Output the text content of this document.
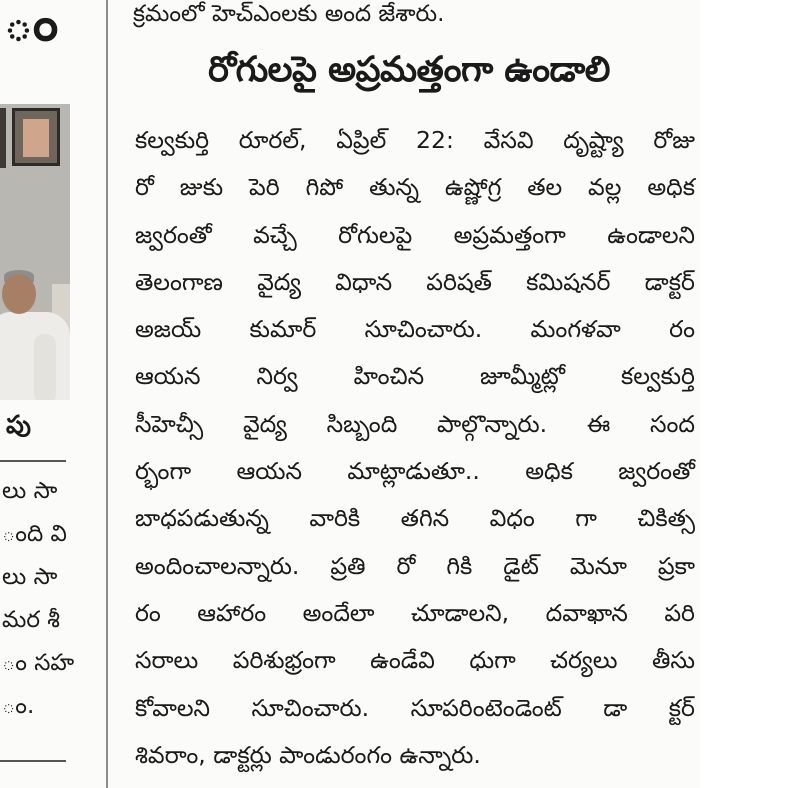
ం
పు
లు సా
ంది వి
లు సా
మర శీ
ం సహ
ం.
క్రమంలో హెచ్ఎంలకు అంద జేశారు.
రోగులపై అప్రమత్తంగా ఉండాలి
కల్వకుర్తి రూరల్, ఏప్రిల్ 22: వేసవి దృష్ట్యా రోజు
రో జుకు పెరి గిపో తున్న ఉష్ణోగ్ర తల వల్ల అధిక
జ్వరంతో వచ్చే రోగులపై అప్రమత్తంగా ఉండాలని
తెలంగాణ వైద్య విధాన పరిషత్ కమిషనర్ డాక్టర్
అజయ్ కుమార్ సూచించారు. మంగళవా రం
ఆయన నిర్వ హించిన జూమ్మీట్లో కల్వకుర్తి
సీహెచ్సీ వైద్య సిబ్బంది పాల్గొన్నారు. ఈ సంద
ర్భంగా ఆయన మాట్లాడుతూ.. అధిక జ్వరంతో
బాధపడుతున్న వారికి తగిన విధం గా చికిత్స
అందించాలన్నారు. ప్రతి రో గికి డైట్ మెనూ ప్రకా
రం ఆహారం అందేలా చూడాలని, దవాఖాన పరి
సరాలు పరిశుభ్రంగా ఉండేవి ధుగా చర్యలు తీసు
కోవాలని సూచించారు. సూపరింటెండెంట్ డా క్టర్
శివరాం, డాక్టర్లు పాండురంగం ఉన్నారు.
